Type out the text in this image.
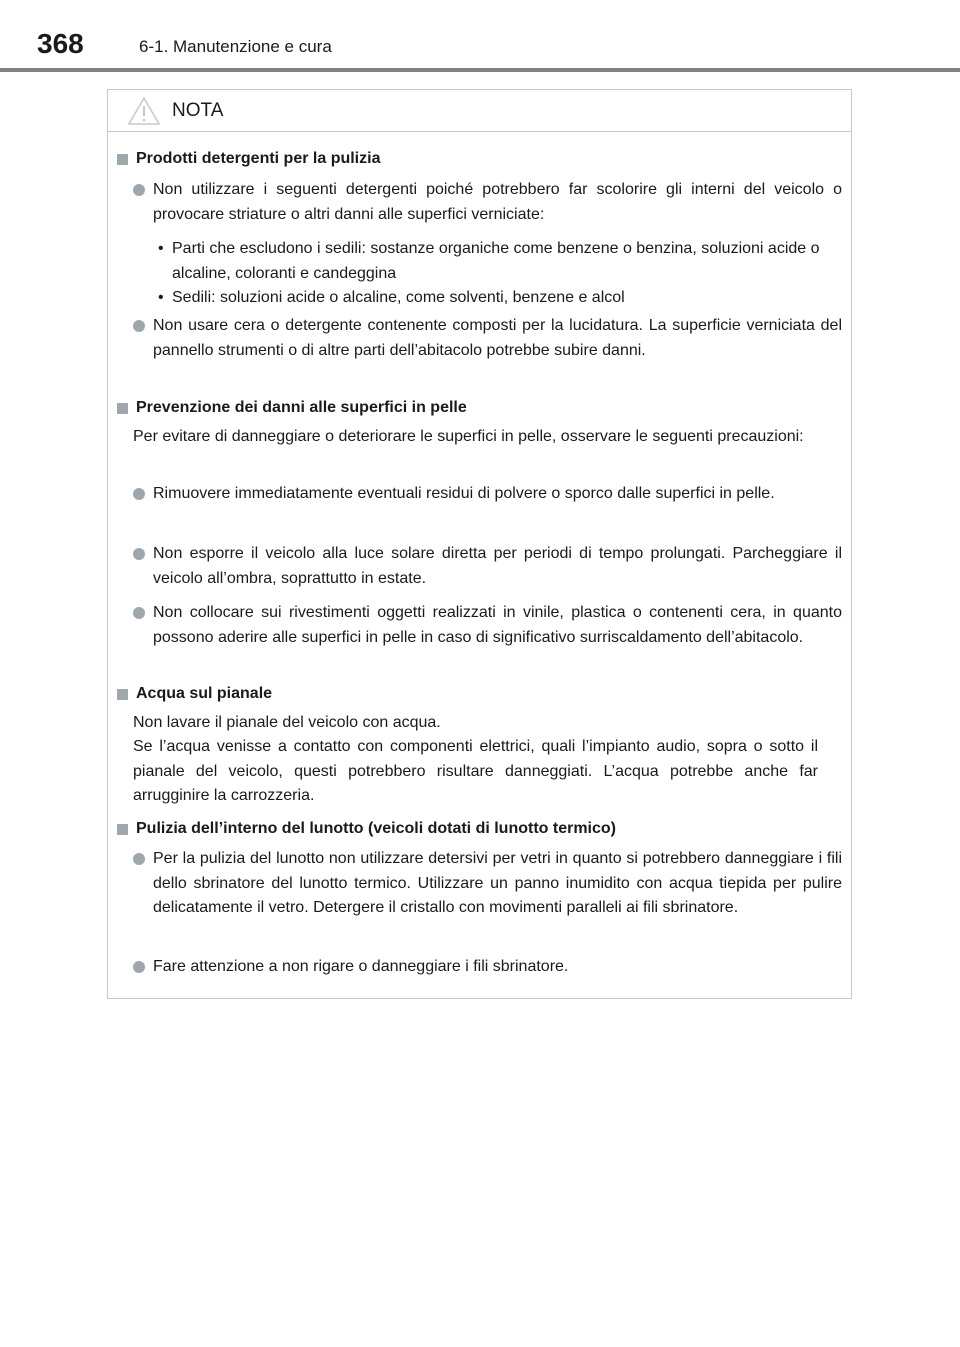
368	6-1. Manutenzione e cura
NOTA
Prodotti detergenti per la pulizia
Non utilizzare i seguenti detergenti poiché potrebbero far scolorire gli interni del veicolo o provocare striature o altri danni alle superfici verniciate:
• Parti che escludono i sedili: sostanze organiche come benzene o benzina, soluzioni acide o alcaline, coloranti e candeggina
• Sedili: soluzioni acide o alcaline, come solventi, benzene e alcol
Non usare cera o detergente contenente composti per la lucidatura. La superficie verniciata del pannello strumenti o di altre parti dell’abitacolo potrebbe subire danni.
Prevenzione dei danni alle superfici in pelle
Per evitare di danneggiare o deteriorare le superfici in pelle, osservare le seguenti precauzioni:
Rimuovere immediatamente eventuali residui di polvere o sporco dalle superfici in pelle.
Non esporre il veicolo alla luce solare diretta per periodi di tempo prolungati. Parcheggiare il veicolo all’ombra, soprattutto in estate.
Non collocare sui rivestimenti oggetti realizzati in vinile, plastica o contenenti cera, in quanto possono aderire alle superfici in pelle in caso di significativo surriscaldamento dell’abitacolo.
Acqua sul pianale
Non lavare il pianale del veicolo con acqua.
Se l’acqua venisse a contatto con componenti elettrici, quali l’impianto audio, sopra o sotto il pianale del veicolo, questi potrebbero risultare danneggiati. L’acqua potrebbe anche far arrugginire la carrozzeria.
Pulizia dell’interno del lunotto (veicoli dotati di lunotto termico)
Per la pulizia del lunotto non utilizzare detersivi per vetri in quanto si potrebbero danneggiare i fili dello sbrinatore del lunotto termico. Utilizzare un panno inumidito con acqua tiepida per pulire delicatamente il vetro. Detergere il cristallo con movimenti paralleli ai fili sbrinatore.
Fare attenzione a non rigare o danneggiare i fili sbrinatore.
